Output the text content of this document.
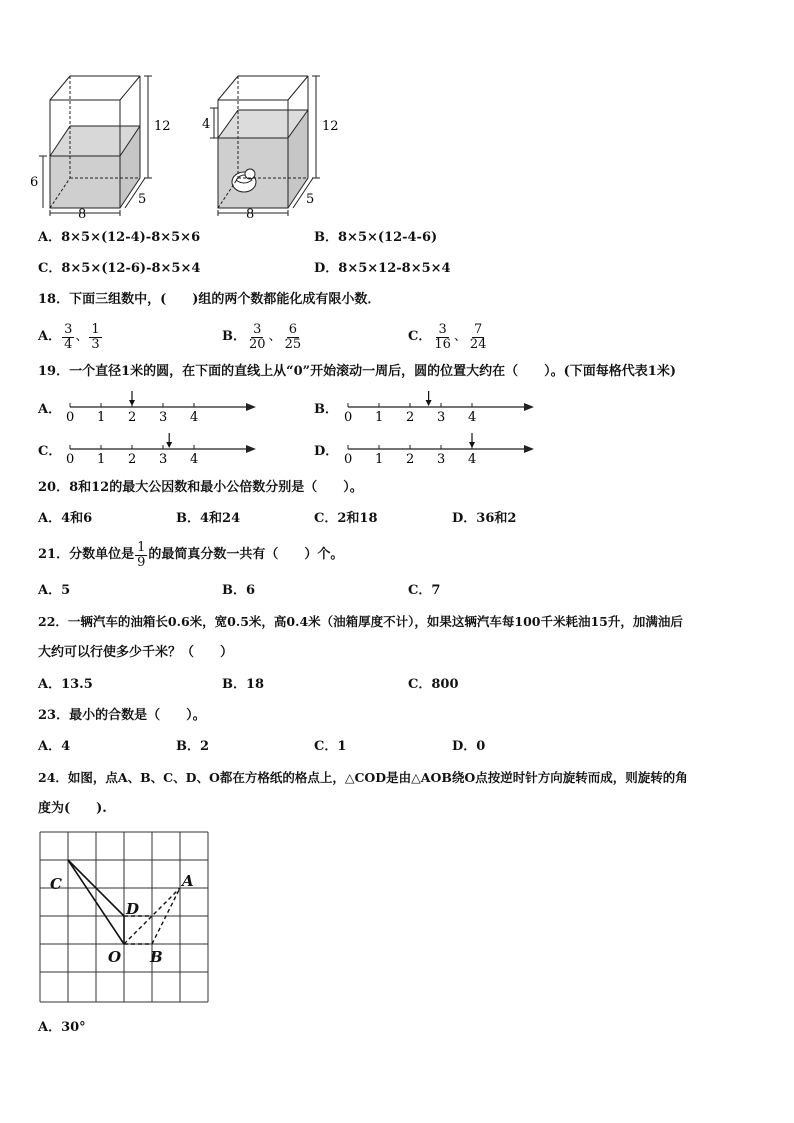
12
6
5
8
12
4
5
8
A．8×5×(12-4)-8×5×6	B．8×5×(12-4-6)
C．8×5×(12-6)-8×5×4	D．8×5×12-8×5×4
18．下面三组数中，(　　)组的两个数都能化成有限小数．
A． $\frac{3}{4}$ 、 $\frac{1}{3}$	B． $\frac{3}{20}$ 、 $\frac{6}{25}$	C． $\frac{3}{16}$ 、 $\frac{7}{24}$
19．一个直径1米的圆，在下面的直线上从“0”开始滚动一周后，圆的位置大约在（　　）。(下面每格代表1米)
A．
0 1 2 3 4
B．
0 1 2 3 4
C．
0 1 2 3 4
D．
0 1 2 3 4
20．8和12的最大公因数和最小公倍数分别是（　　）。
A．4和6	B．4和24	C．2和18	D．36和2
21．分数单位是 $\frac{1}{9}$ 的最简真分数一共有（　　）个。
A．5	B．6	C．7
22．一辆汽车的油箱长0.6米，宽0.5米，高0.4米（油箱厚度不计），如果这辆汽车每100千米耗油15升，加满油后
大约可以行使多少千米？（　　）
A．13.5	B．18	C．800
23．最小的合数是（　　）。
A．4	B．2	C．1	D．0
24．如图，点A、B、C、D、O都在方格纸的格点上，△COD是由△AOB绕O点按逆时针方向旋转而成，则旋转的角
度为(　　).
C	A
D
O B
A．30°
